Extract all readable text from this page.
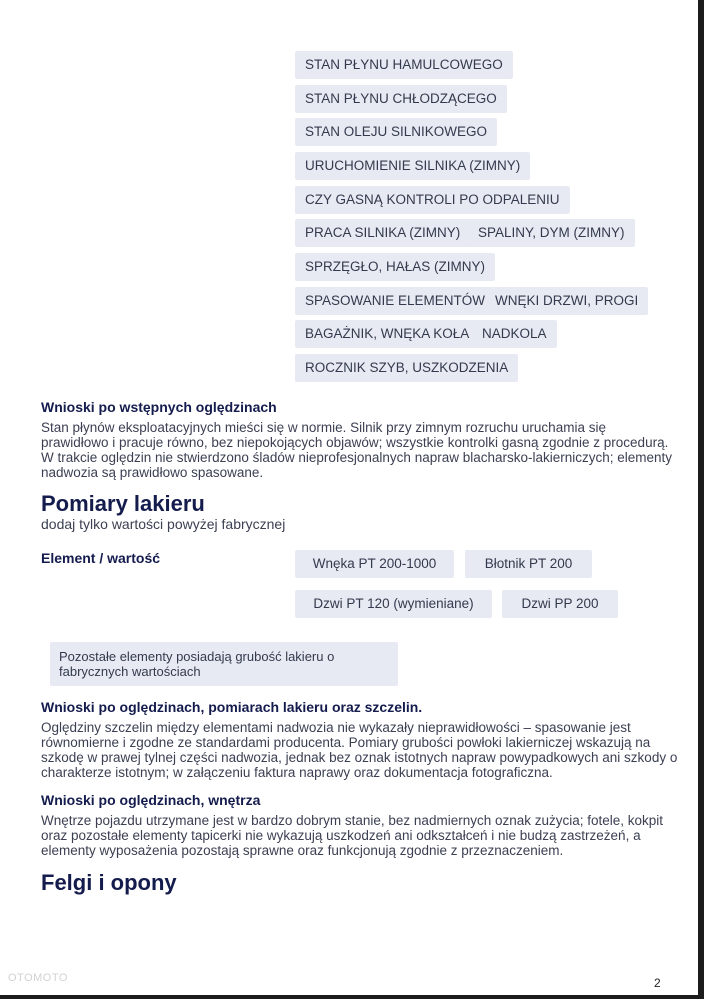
STAN PŁYNU HAMULCOWEGO
STAN PŁYNU CHŁODZĄCEGO
STAN OLEJU SILNIKOWEGO
URUCHOMIENIE SILNIKA (ZIMNY)
CZY GASNĄ KONTROLI PO ODPALENIU
PRACA SILNIKA (ZIMNY)	SPALINY, DYM (ZIMNY)
SPRZĘGŁO, HAŁAS (ZIMNY)
SPASOWANIE ELEMENTÓW WNĘKI DRZWI, PROGI
BAGAŻNIK, WNĘKA KOŁA NADKOLA
ROCZNIK SZYB, USZKODZENIA
Wnioski po wstępnych oględzinach

Stan płynów eksploatacyjnych mieści się w normie. Silnik przy zimnym rozruchu uruchamia się
prawidłowo i pracuje równo, bez niepokojących objawów; wszystkie kontrolki gasną zgodnie z procedurą.
W trakcie oględzin nie stwierdzono śladów nieprofesjonalnych napraw blacharsko-lakierniczych; elementy
nadwozia są prawidłowo spasowane.

Pomiary lakieru
dodaj tylko wartości powyżej fabrycznej
Element / wartość	Wnęka PT 200-1000	Błotnik PT 200
Dzwi PT 120 (wymieniane)	Dzwi PP 200
Pozostałe elementy posiadają grubość lakieru o
fabrycznych wartościach
Wnioski po oględzinach, pomiarach lakieru oraz szczelin.

Oględziny szczelin między elementami nadwozia nie wykazały nieprawidłowości – spasowanie jest
równomierne i zgodne ze standardami producenta. Pomiary grubości powłoki lakierniczej wskazują na
szkodę w prawej tylnej części nadwozia, jednak bez oznak istotnych napraw powypadkowych ani szkody o
charakterze istotnym; w załączeniu faktura naprawy oraz dokumentacja fotograficzna.

Wnioski po oględzinach, wnętrza

Wnętrze pojazdu utrzymane jest w bardzo dobrym stanie, bez nadmiernych oznak zużycia; fotele, kokpit
oraz pozostałe elementy tapicerki nie wykazują uszkodzeń ani odkształceń i nie budzą zastrzeżeń, a
elementy wyposażenia pozostają sprawne oraz funkcjonują zgodnie z przeznaczeniem.

Felgi i opony
OTOMOTO	2
